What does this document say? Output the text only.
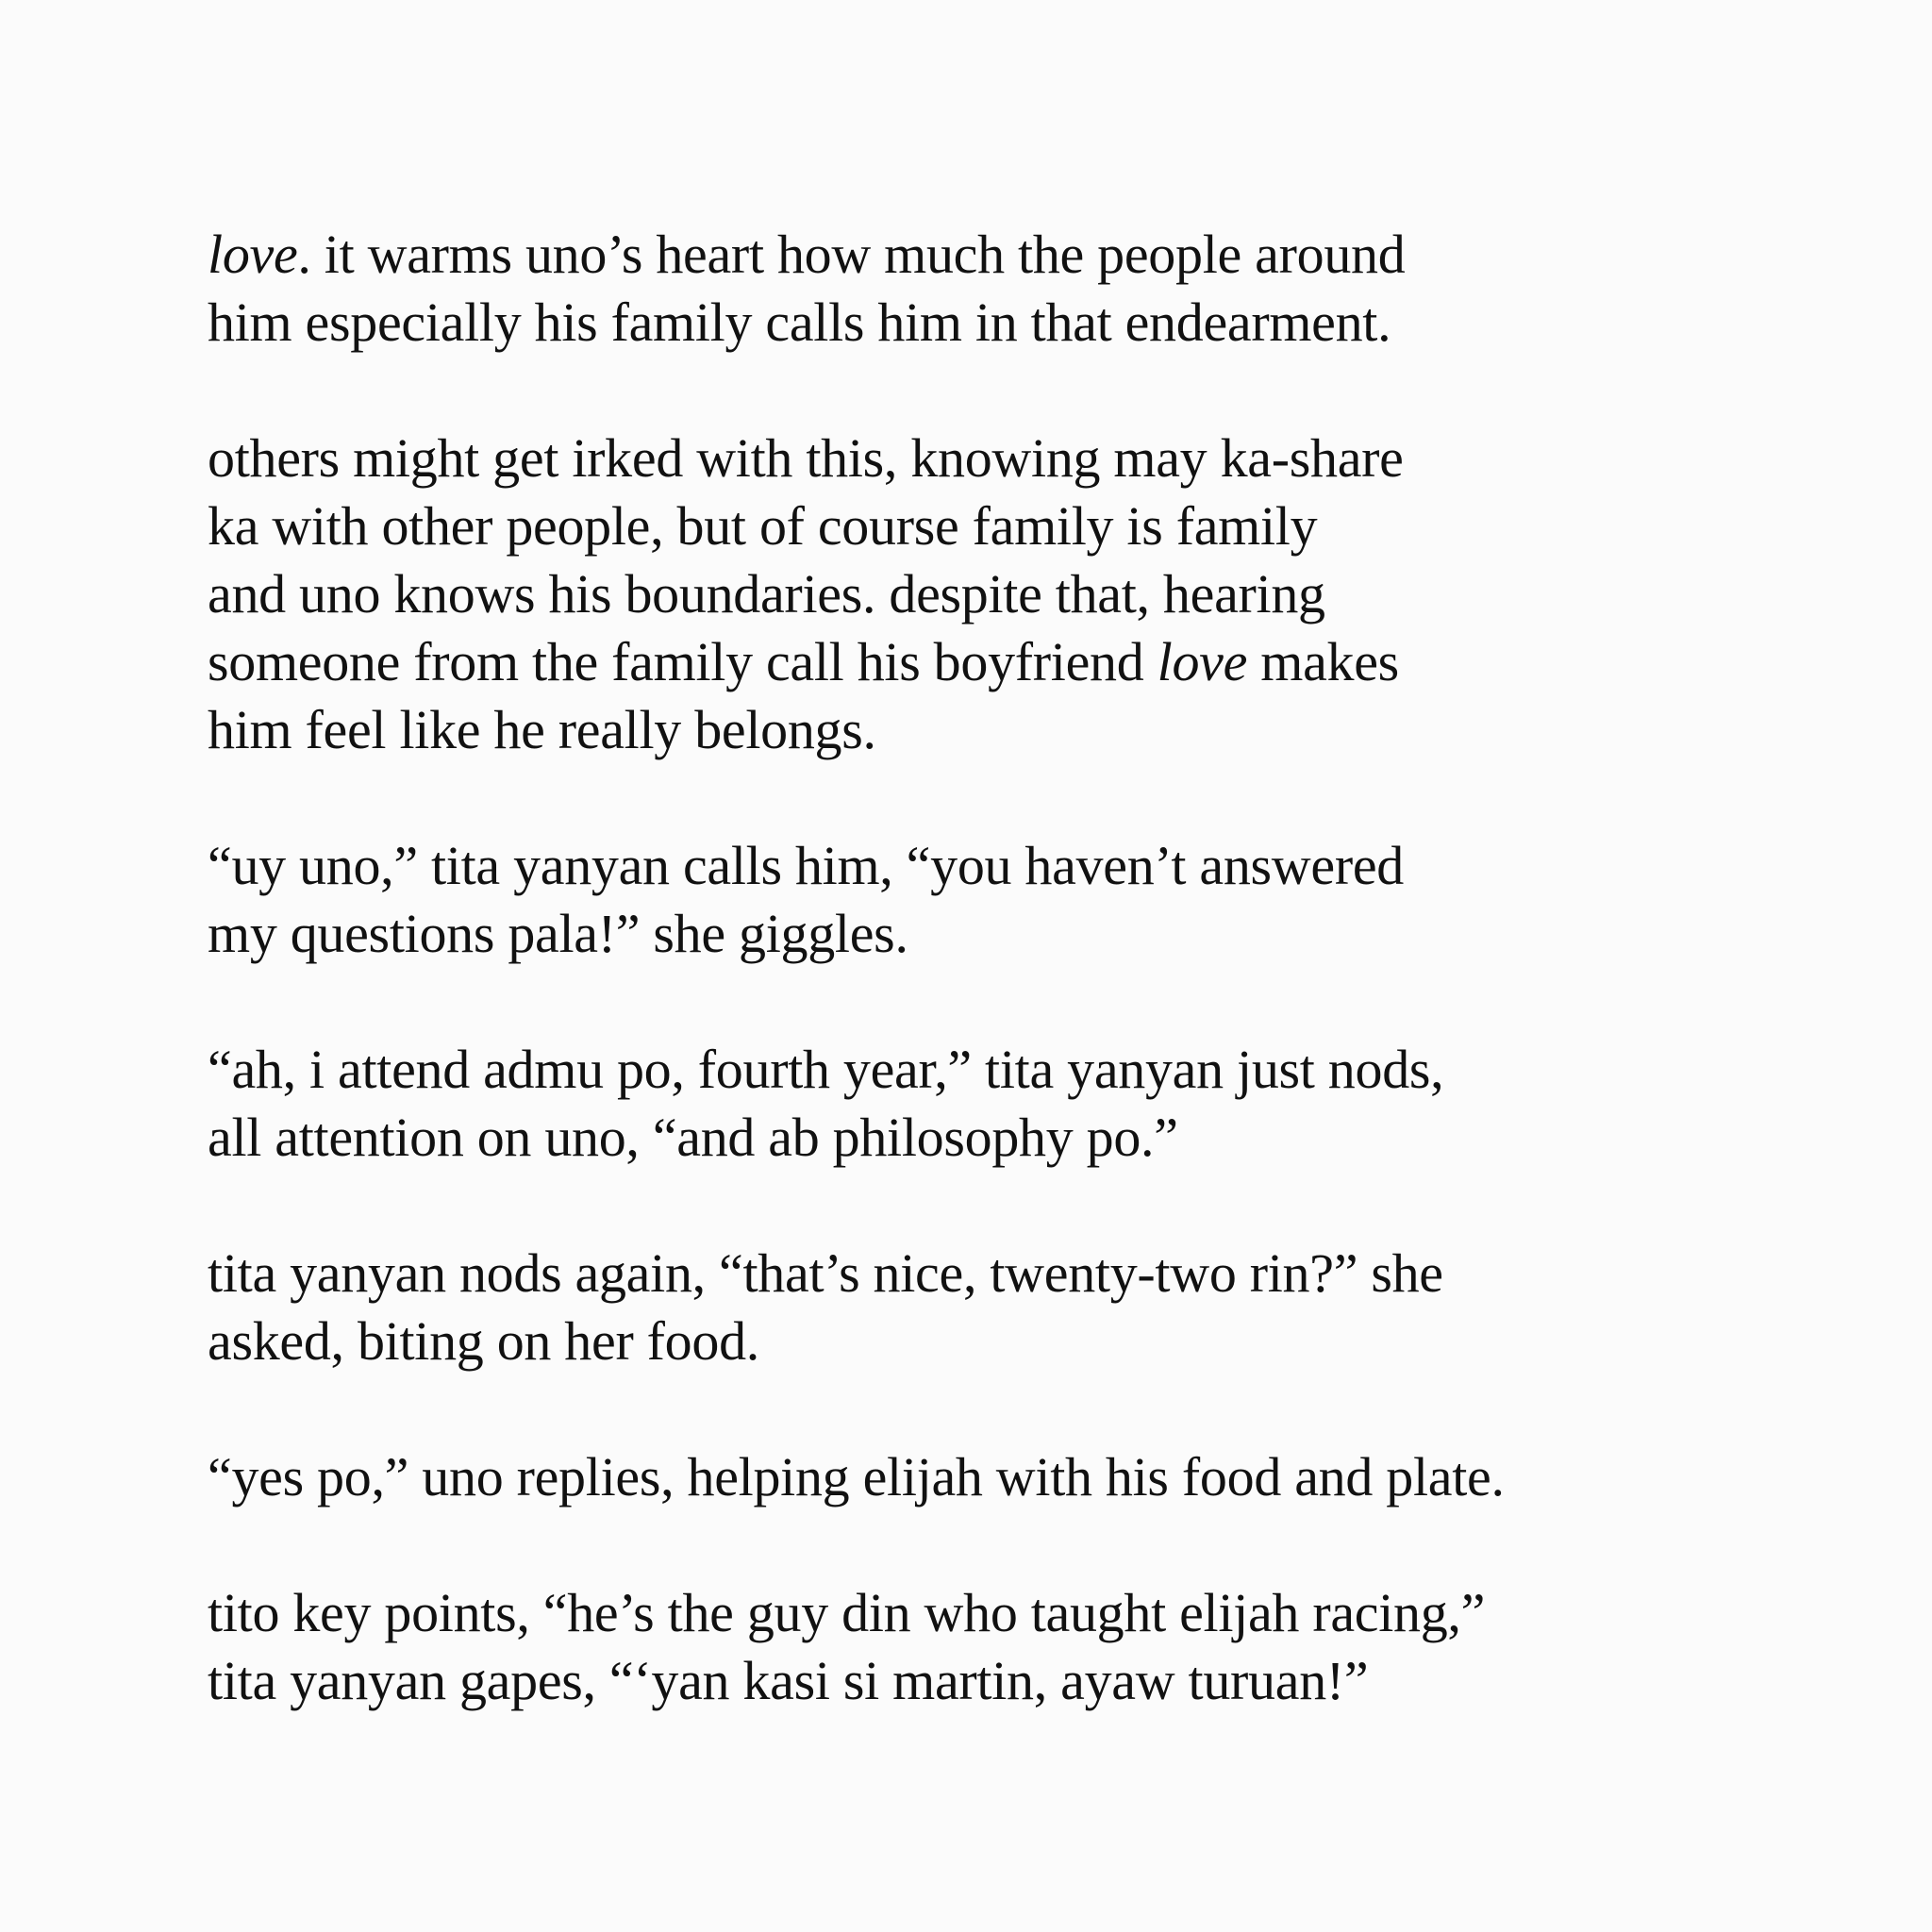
love. it warms uno’s heart how much the people around
him especially his family calls him in that endearment.

others might get irked with this, knowing may ka-share
ka with other people, but of course family is family
and uno knows his boundaries. despite that, hearing
someone from the family call his boyfriend love makes
him feel like he really belongs.

“uy uno,” tita yanyan calls him, “you haven’t answered
my questions pala!” she giggles.

“ah, i attend admu po, fourth year,” tita yanyan just nods,
all attention on uno, “and ab philosophy po.”

tita yanyan nods again, “that’s nice, twenty-two rin?” she
asked, biting on her food.

“yes po,” uno replies, helping elijah with his food and plate.

tito key points, “he’s the guy din who taught elijah racing,”
tita yanyan gapes, “‘yan kasi si martin, ayaw turuan!”
